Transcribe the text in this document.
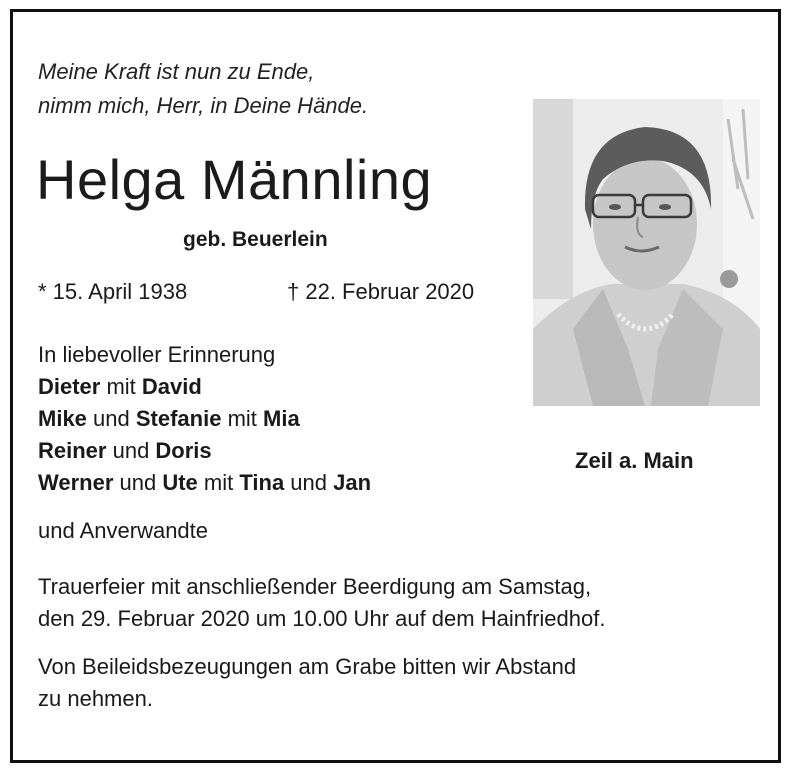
Meine Kraft ist nun zu Ende,
nimm mich, Herr, in Deine Hände.
Helga Männling
geb. Beuerlein
* 15. April 1938	† 22. Februar 2020
In liebevoller Erinnerung
Dieter mit David
Mike und Stefanie mit Mia
Reiner und Doris
Werner und Ute mit Tina und Jan
und Anverwandte
Zeil a. Main
Trauerfeier mit anschließender Beerdigung am Samstag,
den 29. Februar 2020 um 10.00 Uhr auf dem Hainfriedhof.
Von Beileidsbezeugungen am Grabe bitten wir Abstand
zu nehmen.
